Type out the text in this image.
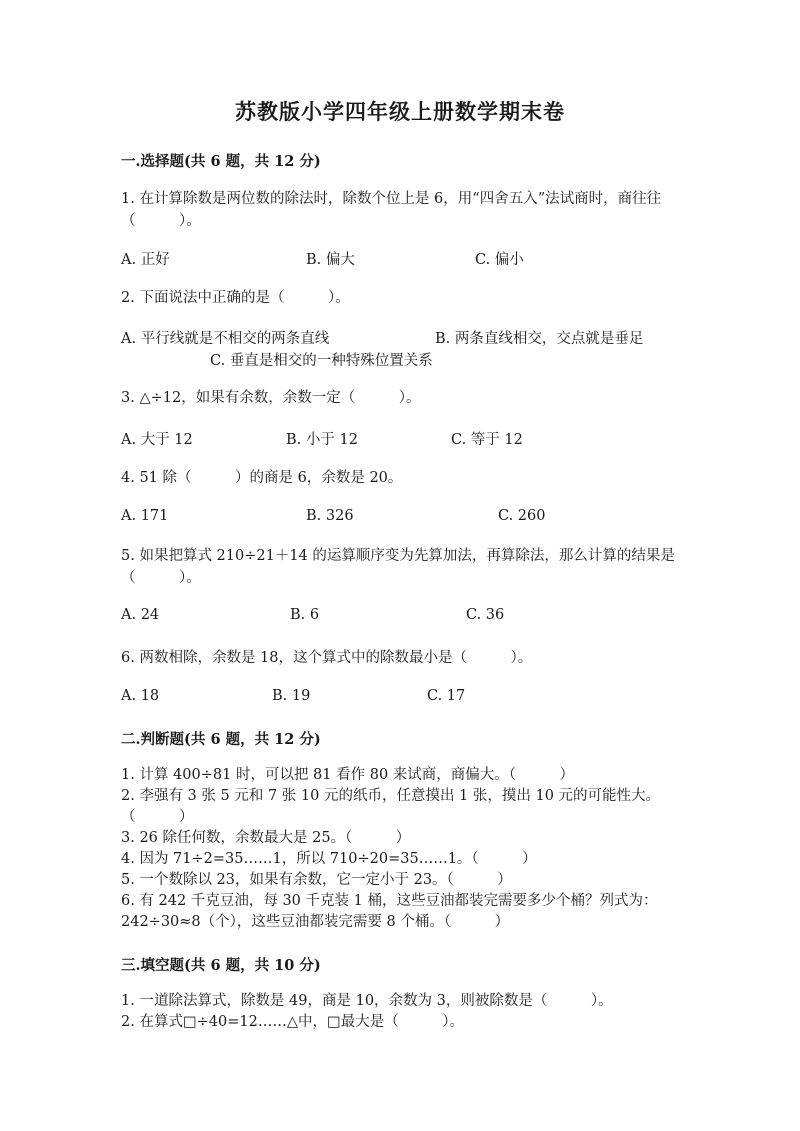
苏教版小学四年级上册数学期末卷
一.选择题(共 6 题，共 12 分)
1. 在计算除数是两位数的除法时，除数个位上是 6，用“四舍五入”法试商时，商往往（　　　）。
A. 正好	B. 偏大	C. 偏小
2. 下面说法中正确的是（　　　）。
A. 平行线就是不相交的两条直线	B. 两条直线相交，交点就是垂足
C. 垂直是相交的一种特殊位置关系
3. △÷12，如果有余数，余数一定（　　　）。
A. 大于 12	B. 小于 12	C. 等于 12
4. 51 除（　　　）的商是 6，余数是 20。
A. 171	B. 326	C. 260
5. 如果把算式 210÷21＋14 的运算顺序变为先算加法，再算除法，那么计算的结果是（　　　）。
A. 24	B. 6	C. 36
6. 两数相除，余数是 18，这个算式中的除数最小是（　　　）。
A. 18	B. 19	C. 17
二.判断题(共 6 题，共 12 分)
1. 计算 400÷81 时，可以把 81 看作 80 来试商，商偏大。（　　　）
2. 李强有 3 张 5 元和 7 张 10 元的纸币，任意摸出 1 张，摸出 10 元的可能性大。　　（　　　）
3. 26 除任何数，余数最大是 25。（　　　）
4. 因为 71÷2=35……1，所以 710÷20=35……1。（　　　）
5. 一个数除以 23，如果有余数，它一定小于 23。（　　　）
6. 有 242 千克豆油，每 30 千克装 1 桶，这些豆油都装完需要多少个桶？列式为：242÷30≈8（个），这些豆油都装完需要 8 个桶。（　　　）
三.填空题(共 6 题，共 10 分)
1. 一道除法算式，除数是 49，商是 10，余数为 3，则被除数是（　　　）。
2. 在算式□÷40=12……△中，□最大是（　　　）。
